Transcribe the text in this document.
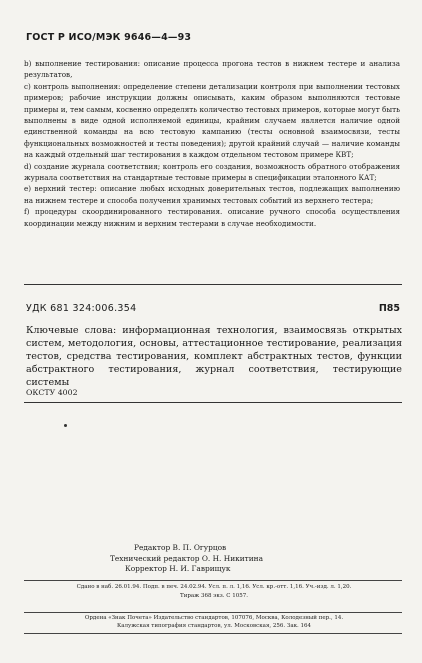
ГОСТ Р ИСО/МЭК 9646—4—93

b) выполнение тестирования: описание процесса прогона тестов в нижнем тестере и анализа результатов,

c) контроль выполнения: определение степени детализации контроля при выполнении тестовых примеров; рабочие инструкции должны описывать, каким образом выполняются тестовые примеры и, тем самым, косвенно определять количество тестовых примеров, которые могут быть выполнены в виде одной исполняемой единицы, крайним случаем является наличие одной единственной команды на всю тестовую кампанию (тесты основной взаимосвязи, тесты функциональных возможностей и тесты поведения); другой крайний случай — наличие команды на каждый отдельный шаг тестирования в каждом отдельном тестовом примере КВТ;

d) создание журнала соответствия; контроль его создания, возможность обратного отображения журнала соответствия на стандартные тестовые примеры в спецификации эталонного КАТ;

e) верхний тестер: описание любых исходных доверительных тестов, подлежащих выполнению на нижнем тестере и способа получения хранимых тестовых событий из верхнего тестера;

f) процедуры скоординированного тестирования. описание ручного способа осуществления координации между нижним и верхним тестерами в случае необходимости.

УДК 681 324:006.354	П85
Ключевые слова: информационная технология, взаимосвязь открытых систем, методология, основы, аттестационное тестирование, реализация тестов, средства тестирования, комплект абстрактных тестов, функции абстрактного тестирования, журнал соответствия, тестирующие системы
ОКСТУ 4002
Редактор В. П. Огурцов
Технический редактор О. Н. Никитина
Корректор Н. И. Гаврищук
Сдано в наб. 26.01.94. Подп. в печ. 24.02.94. Усл. п. л. 1,16. Усл. кр.-отт. 1,16. Уч.-изд. л. 1,20.
Тираж 368 экз. С 1057.
Ордена «Знак Почета» Издательство стандартов, 107076, Москва, Колодезный пер., 14.
Калужская типография стандартов, ул. Московская, 256. Зак. 164
